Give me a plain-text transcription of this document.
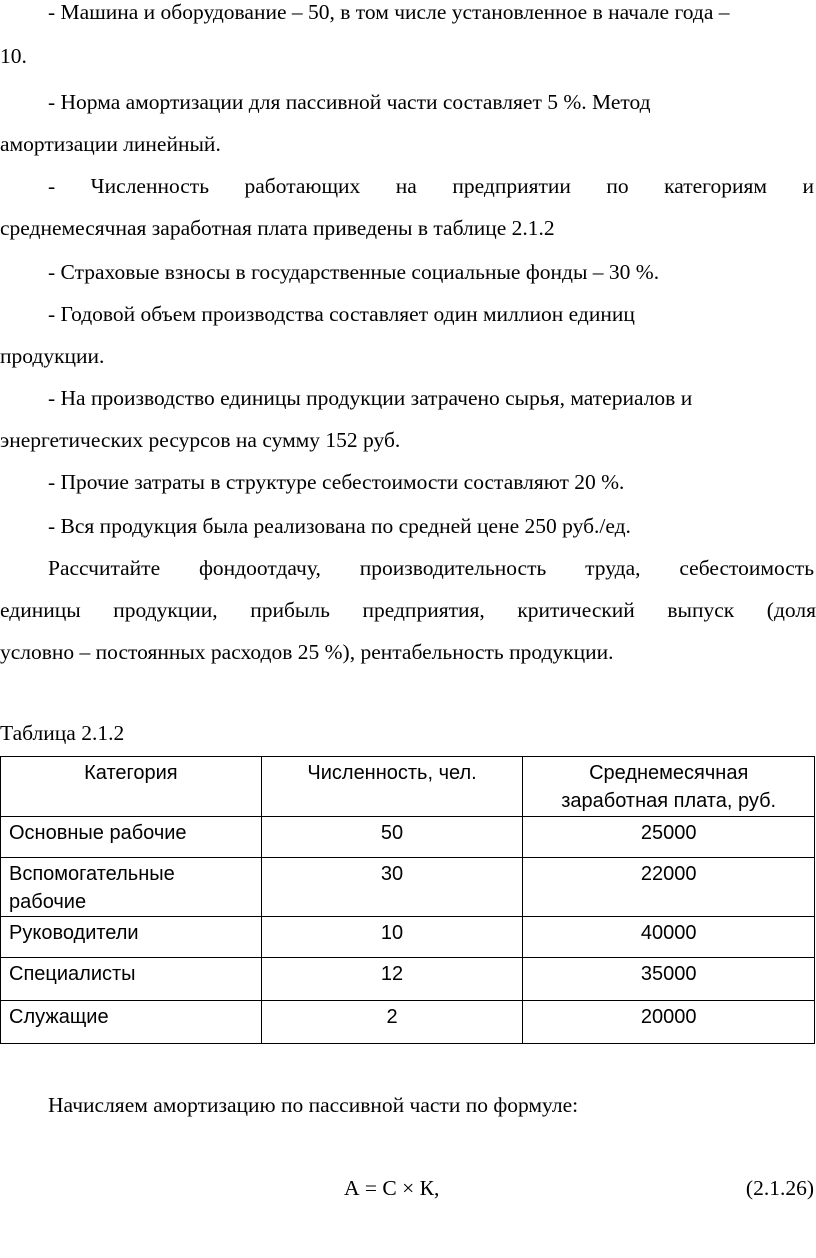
- Машина и оборудование – 50, в том числе установленное в начале года –
10.
- Норма амортизации для пассивной части составляет 5 %. Метод
амортизации линейный.
- Численность работающих на предприятии по категориям и
среднемесячная заработная плата приведены в таблице 2.1.2
- Страховые взносы в государственные социальные фонды – 30 %.
- Годовой объем производства составляет один миллион единиц
продукции.
- На производство единицы продукции затрачено сырья, материалов и
энергетических ресурсов на сумму 152 руб.
- Прочие затраты в структуре себестоимости составляют 20 %.
- Вся продукция была реализована по средней цене 250 руб./ед.
Рассчитайте фондоотдачу, производительность труда, себестоимость
единицы продукции, прибыль предприятия, критический выпуск (доля
условно – постоянных расходов 25 %), рентабельность продукции.
Таблица 2.1.2
Категория	Численность, чел.	Среднемесячная
заработная плата, руб.

Основные рабочие	50	25000

Вспомогательные
рабочие	30	22000
Руководители	10	40000
Специалисты	12	35000
Служащие	2	20000
Начисляем амортизацию по пассивной части по формуле:
А = С × К,	(2.1.26)
